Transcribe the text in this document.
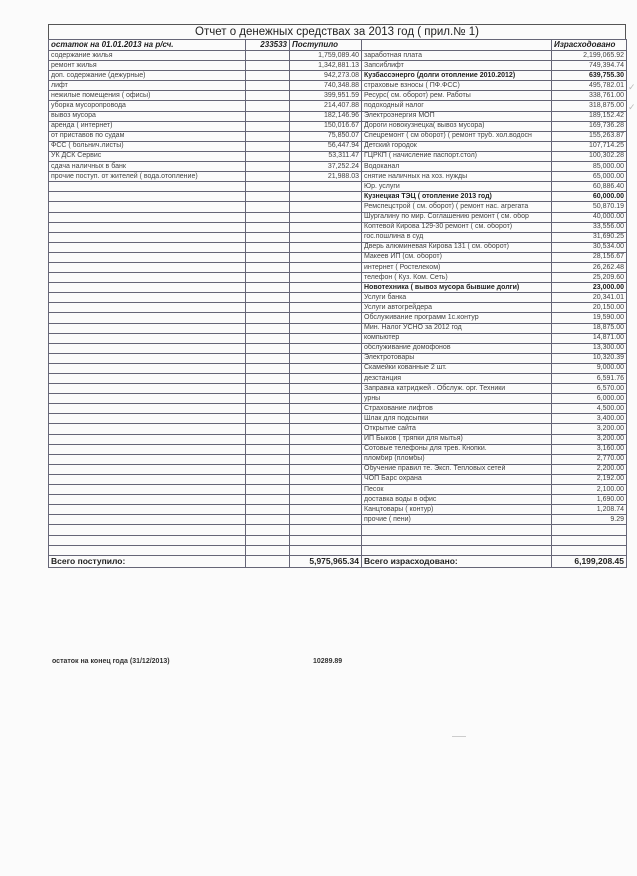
Отчет о денежных средствах за 2013 год ( прил.№ 1)
остаток на 01.01.2013 на р/сч.	233533	Поступило		Израсходовано
содержание жилья		1,759,089.40	заработная плата	2,199,065.92
ремонт жилья		1,342,881.13	Запсиблифт	749,394.74
доп. содержание (дежурные)		942,273.08	Кузбассэнерго (долги отопление 2010.2012)	639,755.30
лифт		740,348.88	страховые взносы ( ПФ.ФСС)	495,782.01
нежилые помещения ( офисы)		399,951.59	Ресурс( см. оборот) рем. Работы	338,761.00
уборка мусоропровода		214,407.88	подоходный налог	318,875.00
вывоз мусора		182,146.96	Электроэнергия МОП	189,152.42
аренда ( интернет)		150,016.67	Дороги новокузнецка( вывоз мусора)	169,736.28
от приставов по судам		75,850.07	Спецремонт ( см оборот) ( ремонт труб. хол.водосн	155,263.87
ФСС ( больнич.листы)		56,447.94	Детский городок	107,714.25
УК ДСК Сервис		53,311.47	ГЦРКП ( начисление паспорт.стол)	100,302.28
сдача наличных в банк		37,252.24	Водоканал	85,000.00
прочие поступ. от жителей ( вода.отопление)		21,988.03	снятие наличных на хоз. нужды	65,000.00
			Юр. услуги	60,886.40
			Кузнецкая ТЭЦ ( отопление 2013 год)	60,000.00
			Ремспецстрой ( см. оборот) ( ремонт нас. агрегата	50,870.19
			Шургалину по мир. Соглашению ремонт ( см. обор	40,000.00
			Коптевой Кирова 129-30 ремонт ( см. оборот)	33,556.00
			гос.пошлина в суд	31,690.25
			Дверь алюминевая Кирова 131 ( см. оборот)	30,534.00
			Макеев ИП (см. оборот)	28,156.67
			интернет ( Ростелеком)	26,262.48
			телефон ( Куз. Ком. Сеть)	25,209.60
			Новотехника ( вывоз мусора бывшие долги)	23,000.00
			Услуги банка	20,341.01
			Услуги автогрейдера	20,150.00
			Обслуживание программ 1с.контур	19,590.00
			Мин. Налог УСНО за 2012 год	18,875.00
			компьютер	14,871.00
			обслуживание домофонов	13,300.00
			Электротовары	10,320.39
			Скамейки кованные 2 шт.	9,000.00
			дезстанция	6,591.76
			Заправка катриджей . Обслуж. орг. Техники	6,570.00
			урны	6,000.00
			Страхование лифтов	4,500.00
			Шлак для подсыпки	3,400.00
			Открытие сайта	3,200.00
			ИП Быков ( тряпки для мытья)	3,200.00
			Сотовые телефоны для трев. Кнопки.	3,160.00
			пломбир (пломбы)	2,770.00
			Обучение правил те. Эксп. Тепловых сетей	2,200.00
			ЧОП Барс охрана	2,192.00
			Песок	2,100.00
			доставка воды в офис	1,690.00
			Канцтовары ( контур)	1,208.74
			прочие ( пени)	9.29

Всего поступило:		5,975,965.34	Всего израсходовано:	6,199,208.45
остаток на конец года (31/12/2013)	10289.89
✓
✓
